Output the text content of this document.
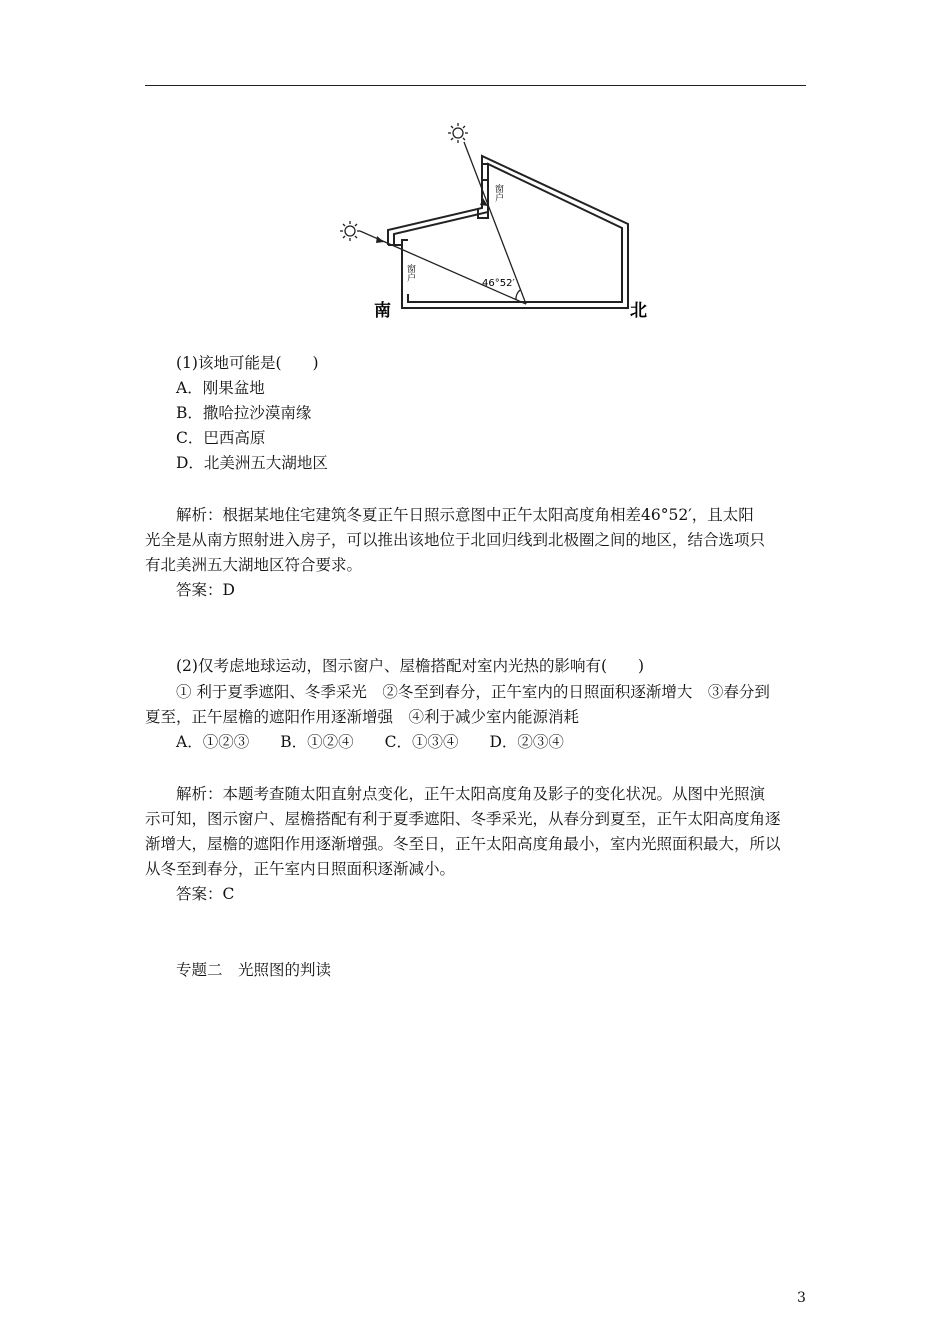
南	北
46°52′
窗户
窗户
(1)该地可能是(　　)
A．刚果盆地
B．撒哈拉沙漠南缘
C．巴西高原
D．北美洲五大湖地区
解析：根据某地住宅建筑冬夏正午日照示意图中正午太阳高度角相差46°52′，且太阳
光全是从南方照射进入房子，可以推出该地位于北回归线到北极圈之间的地区，结合选项只
有北美洲五大湖地区符合要求。
答案：D
(2)仅考虑地球运动，图示窗户、屋檐搭配对室内光热的影响有(　　)
① 利于夏季遮阳、冬季采光　②冬至到春分，正午室内的日照面积逐渐增大　③春分到
夏至，正午屋檐的遮阳作用逐渐增强　④利于减少室内能源消耗
A．①②③　　B．①②④　　C．①③④　　D．②③④
解析：本题考查随太阳直射点变化，正午太阳高度角及影子的变化状况。从图中光照演
示可知，图示窗户、屋檐搭配有利于夏季遮阳、冬季采光，从春分到夏至，正午太阳高度角逐
渐增大，屋檐的遮阳作用逐渐增强。冬至日，正午太阳高度角最小，室内光照面积最大，所以
从冬至到春分，正午室内日照面积逐渐减小。
答案：C
专题二　光照图的判读
3
